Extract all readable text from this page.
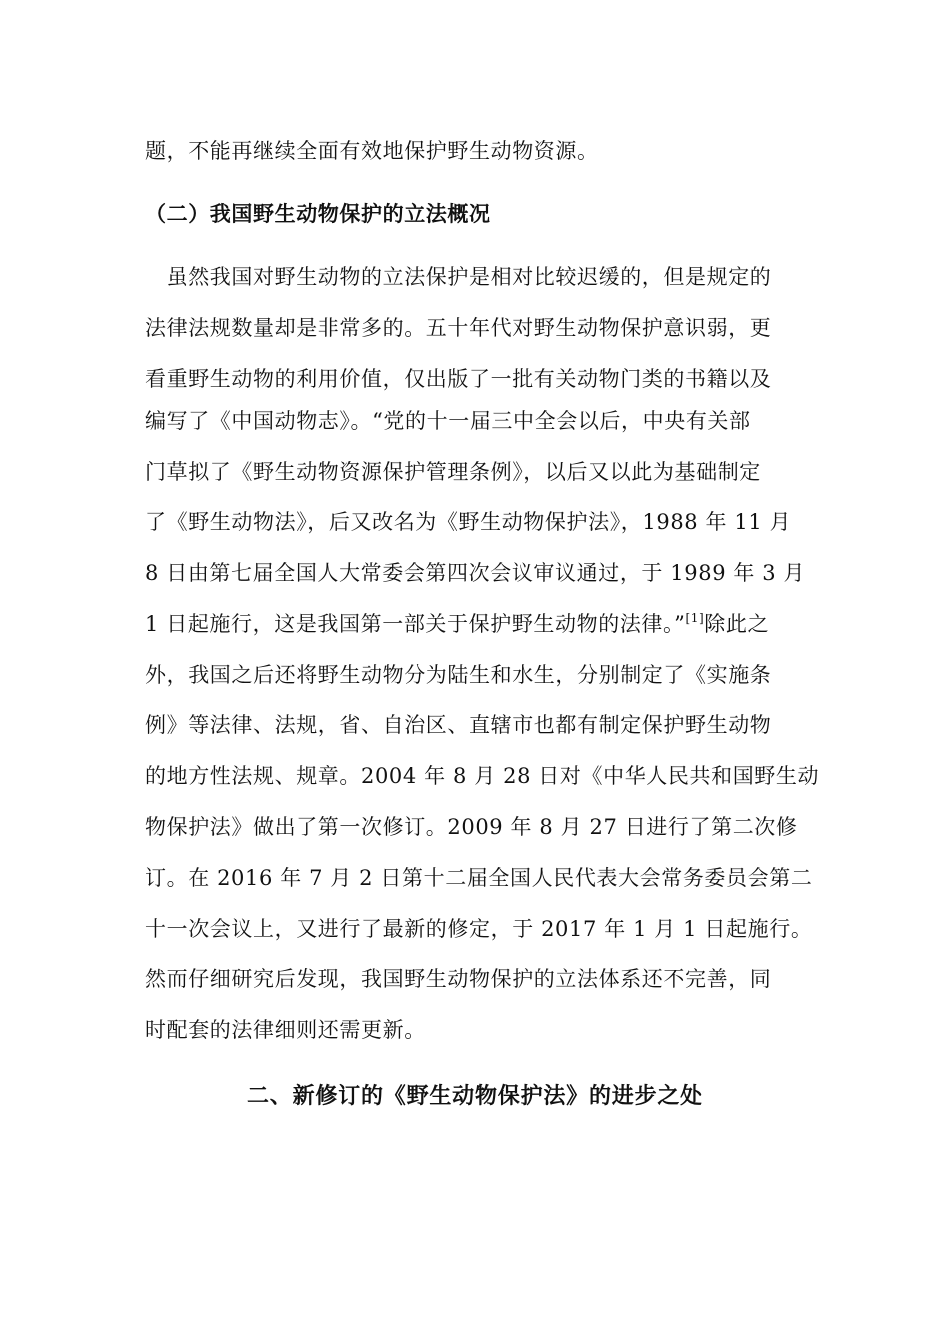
题，不能再继续全面有效地保护野生动物资源。
（二）我国野生动物保护的立法概况
　虽然我国对野生动物的立法保护是相对比较迟缓的，但是规定的
法律法规数量却是非常多的。五十年代对野生动物保护意识弱，更
看重野生动物的利用价值，仅出版了一批有关动物门类的书籍以及
编写了《中国动物志》。“党的十一届三中全会以后，中央有关部
门草拟了《野生动物资源保护管理条例》，以后又以此为基础制定
了《野生动物法》，后又改名为《野生动物保护法》，1988 年 11 月
8 日由第七届全国人大常委会第四次会议审议通过，于 1989 年 3 月
1 日起施行，这是我国第一部关于保护野生动物的法律。”[1]除此之
外，我国之后还将野生动物分为陆生和水生，分别制定了《实施条
例》等法律、法规，省、自治区、直辖市也都有制定保护野生动物
的地方性法规、规章。2004 年 8 月 28 日对《中华人民共和国野生动
物保护法》做出了第一次修订。2009 年 8 月 27 日进行了第二次修
订。在 2016 年 7 月 2 日第十二届全国人民代表大会常务委员会第二
十一次会议上，又进行了最新的修定，于 2017 年 1 月 1 日起施行。
然而仔细研究后发现，我国野生动物保护的立法体系还不完善，同
时配套的法律细则还需更新。
二、新修订的《野生动物保护法》的进步之处
